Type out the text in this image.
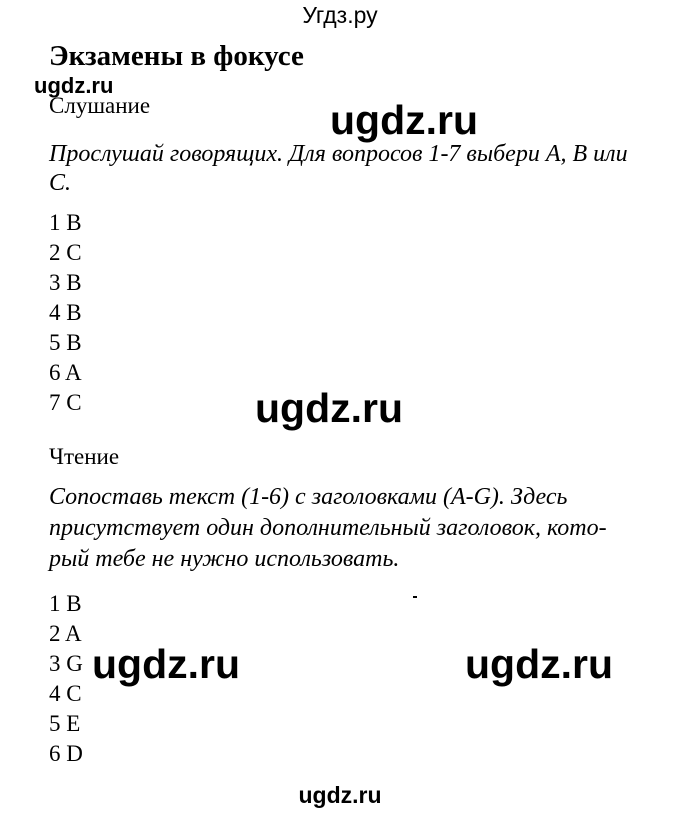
Угдз.ру
Экзамены в фокусе
ugdz.ru
Слушание	ugdz.ru
Прослушай говорящих. Для вопросов 1-7 выбери A, B или C.
1 B
2 C
3 B
4 B
5 B
6 A
7 C	ugdz.ru
Чтение
Сопоставь текст (1-6) с заголовками (A-G). Здесь
присутствует один дополнительный заголовок, кото-
рый тебе не нужно использовать.
1 B
2 A
3 G
4 C
5 E
6 D
ugdz.ru	ugdz.ru
ugdz.ru
